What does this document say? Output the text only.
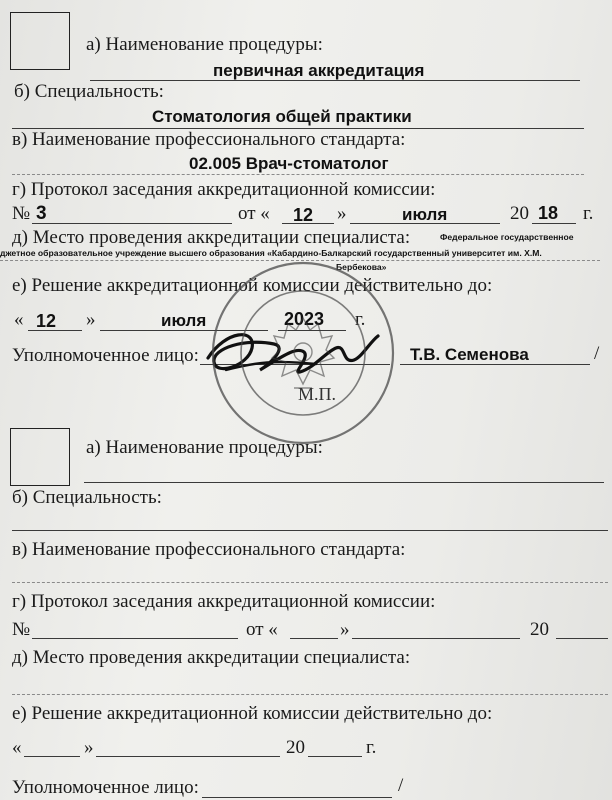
а) Наименование процедуры:
первичная аккредитация
б) Специальность:
Стоматология общей практики
в) Наименование профессионального стандарта:
02.005 Врач-стоматолог
г) Протокол заседания аккредитационной комиссии:
№ 3	от « 12 »	июля	20 18 г.
д) Место проведения аккредитации специалиста:	Федеральное государственное
джетное образовательное учреждение высшего образования «Кабардино-Балкарский государственный университет им. Х.М.
Бербекова»
е) Решение аккредитационной комиссии действительно до:
« 12 »	июля	2023 г.
Уполномоченное лицо:	Т.В. Семенова	/
М.П.
а) Наименование процедуры:
б) Специальность:
в) Наименование профессионального стандарта:
г) Протокол заседания аккредитационной комиссии:
№	от «	»	20
д) Место проведения аккредитации специалиста:
е) Решение аккредитационной комиссии действительно до:
«	»	20	г.
Уполномоченное лицо:	/
